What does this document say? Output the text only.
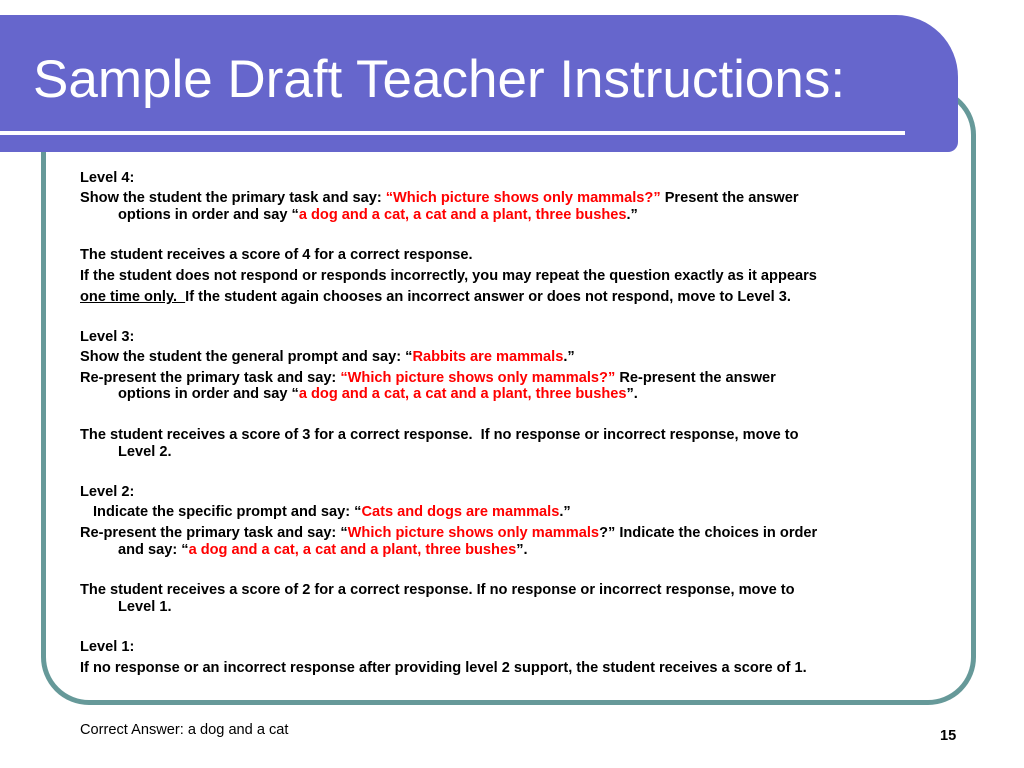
Sample Draft Teacher Instructions:
Level 4:
Show the student the primary task and say: “Which picture shows only mammals?” Present the answer
options in order and say “a dog and a cat, a cat and a plant, three bushes.”
The student receives a score of 4 for a correct response.
If the student does not respond or responds incorrectly, you may repeat the question exactly as it appears
one time only.  If the student again chooses an incorrect answer or does not respond, move to Level 3.
Level 3:
Show the student the general prompt and say: “Rabbits are mammals.”
Re-present the primary task and say: “Which picture shows only mammals?” Re-present the answer
options in order and say “a dog and a cat, a cat and a plant, three bushes”.
The student receives a score of 3 for a correct response.  If no response or incorrect response, move to
Level 2.
Level 2:
Indicate the specific prompt and say: “Cats and dogs are mammals.”
Re-present the primary task and say: “Which picture shows only mammals?” Indicate the choices in order
and say: “a dog and a cat, a cat and a plant, three bushes”.
The student receives a score of 2 for a correct response. If no response or incorrect response, move to
Level 1.
Level 1:
If no response or an incorrect response after providing level 2 support, the student receives a score of 1.
Correct Answer: a dog and a cat	15
